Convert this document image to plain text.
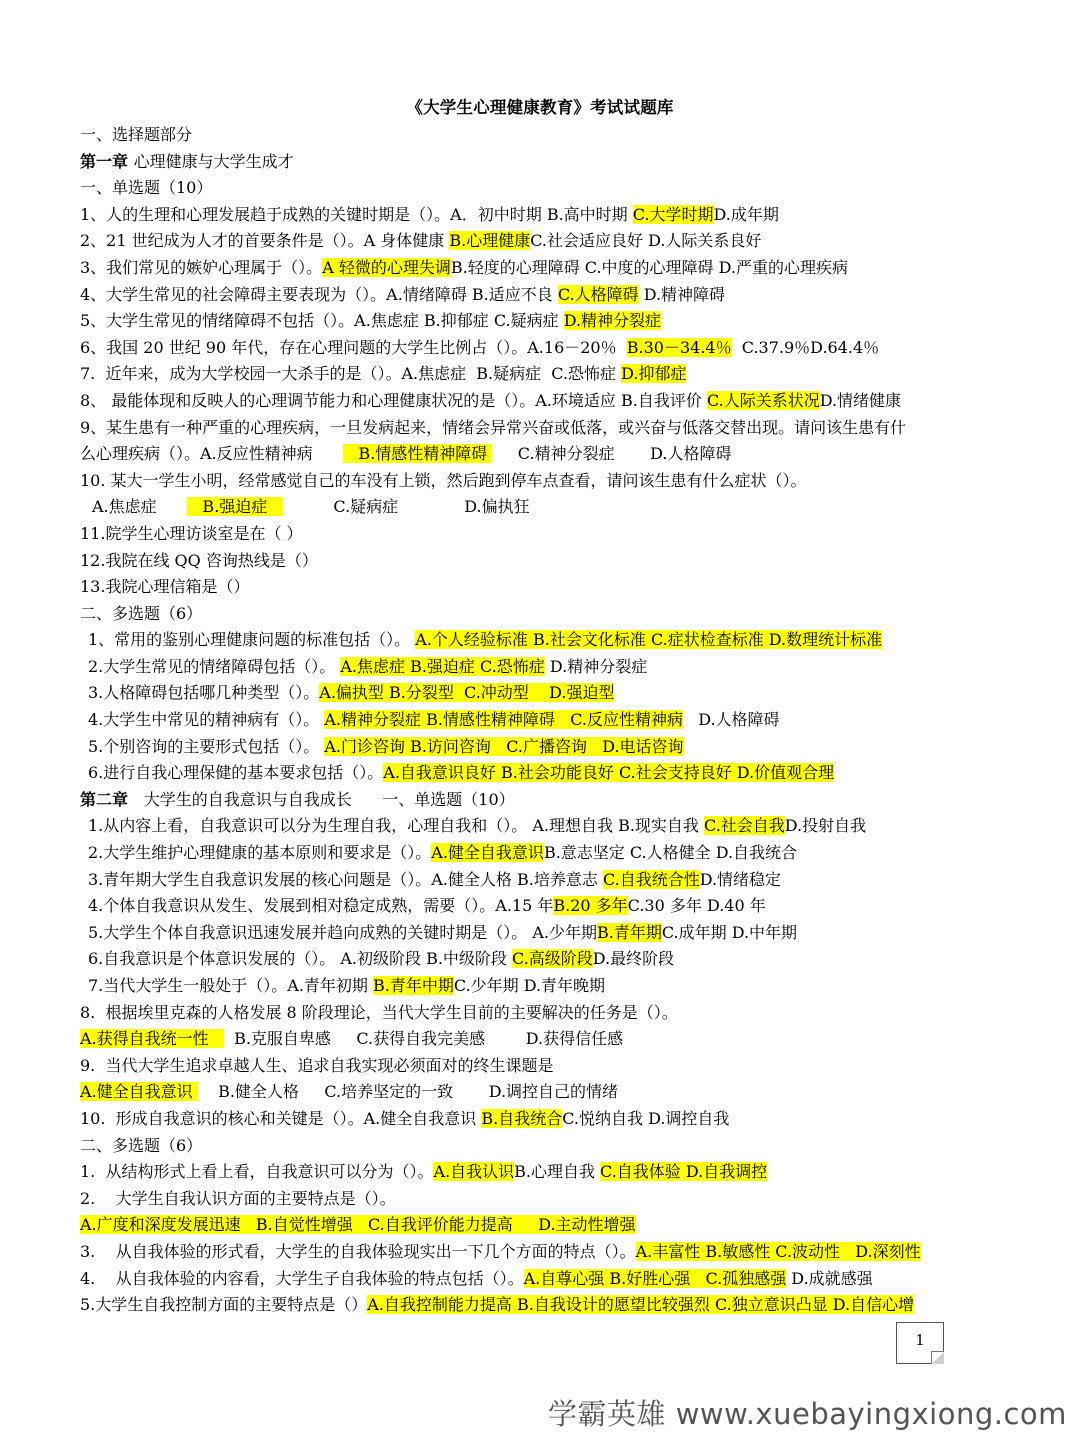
《大学生心理健康教育》考试试题库
一、选择题部分
第一章 心理健康与大学生成才
一、单选题（10）
1、人的生理和心理发展趋于成熟的关键时期是（）。A．初中时期 B.高中时期 C.大学时期D.成年期
2、21 世纪成为人才的首要条件是（）。A 身体健康 B.心理健康C.社会适应良好 D.人际关系良好
3、我们常见的嫉妒心理属于（）。A 轻微的心理失调B.轻度的心理障碍 C.中度的心理障碍 D.严重的心理疾病
4、大学生常见的社会障碍主要表现为（）。A.情绪障碍 B.适应不良 C.人格障碍 D.精神障碍
5、大学生常见的情绪障碍不包括（）。A.焦虑症 B.抑郁症 C.疑病症 D.精神分裂症
6、我国 20 世纪 90 年代，存在心理问题的大学生比例占（）。A.16－20％  B.30－34.4％  C.37.9％D.64.4％
7.  近年来，成为大学校园一大杀手的是（）。A.焦虑症  B.疑病症  C.恐怖症 D.抑郁症
8、 最能体现和反映人的心理调节能力和心理健康状况的是（）。A.环境适应 B.自我评价 C.人际关系状况D.情绪健康
9、某生患有一种严重的心理疾病，一旦发病起来，情绪会异常兴奋或低落，或兴奋与低落交替出现。请问该生患有什
么心理疾病（）。A.反应性精神病         B.情感性精神障碍      C.精神分裂症       D.人格障碍
10. 某大一学生小明，经常感觉自己的车没有上锁，然后跑到停车点查看，请问该生患有什么症状（）。
A.焦虑症         B.强迫症             C.疑病症             D.偏执狂
11.院学生心理访谈室是在（ ）
12.我院在线 QQ 咨询热线是（）
13.我院心理信箱是（）
二、多选题（6）
1、常用的鉴别心理健康问题的标准包括（）。 A.个人经验标准 B.社会文化标准 C.症状检查标准 D.数理统计标准
2.大学生常见的情绪障碍包括（）。 A.焦虑症 B.强迫症 C.恐怖症 D.精神分裂症
3.人格障碍包括哪几种类型（）。A.偏执型 B.分裂型  C.冲动型    D.强迫型
4.大学生中常见的精神病有（）。 A.精神分裂症 B.情感性精神障碍   C.反应性精神病   D.人格障碍
5.个别咨询的主要形式包括（）。 A.门诊咨询 B.访问咨询   C.广播咨询   D.电话咨询
6.进行自我心理保健的基本要求包括（）。A.自我意识良好 B.社会功能良好 C.社会支持良好 D.价值观合理
第二章   大学生的自我意识与自我成长      一、单选题（10）
1.从内容上看，自我意识可以分为生理自我，心理自我和（）。 A.理想自我 B.现实自我 C.社会自我D.投射自我
2.大学生维护心理健康的基本原则和要求是（）。A.健全自我意识B.意志坚定 C.人格健全 D.自我统合
3.青年期大学生自我意识发展的核心问题是（）。A.健全人格 B.培养意志 C.自我统合性D.情绪稳定
4.个体自我意识从发生、发展到相对稳定成熟，需要（）。A.15 年B.20 多年C.30 多年 D.40 年
5.大学生个体自我意识迅速发展并趋向成熟的关键时期是（）。 A.少年期B.青年期C.成年期 D.中年期
6.自我意识是个体意识发展的（）。 A.初级阶段 B.中级阶段 C.高级阶段D.最终阶段
7.当代大学生一般处于（）。A.青年初期 B.青年中期C.少年期 D.青年晚期
8.  根据埃里克森的人格发展 8 阶段理论，当代大学生目前的主要解决的任务是（）。
A.获得自我统一性     B.克服自卑感     C.获得自我完美感        D.获得信任感
9.  当代大学生追求卓越人生、追求自我实现必须面对的终生课题是
A.健全自我意识     B.健全人格     C.培养坚定的一致       D.调控自己的情绪
10.  形成自我意识的核心和关键是（）。A.健全自我意识 B.自我统合C.悦纳自我 D.调控自我
二、多选题（6）
1.  从结构形式上看上看，自我意识可以分为（）。A.自我认识B.心理自我 C.自我体验 D.自我调控
2.    大学生自我认识方面的主要特点是（）。
A.广度和深度发展迅速   B.自觉性增强   C.自我评价能力提高     D.主动性增强
3.    从自我体验的形式看，大学生的自我体验现实出一下几个方面的特点（）。A.丰富性 B.敏感性 C.波动性   D.深刻性
4.    从自我体验的内容看，大学生子自我体验的特点包括（）。A.自尊心强 B.好胜心强   C.孤独感强 D.成就感强
5.大学生自我控制方面的主要特点是（）A.自我控制能力提高 B.自我设计的愿望比较强烈 C.独立意识凸显 D.自信心增
1
学霸英雄 www.xuebayingxiong.com
